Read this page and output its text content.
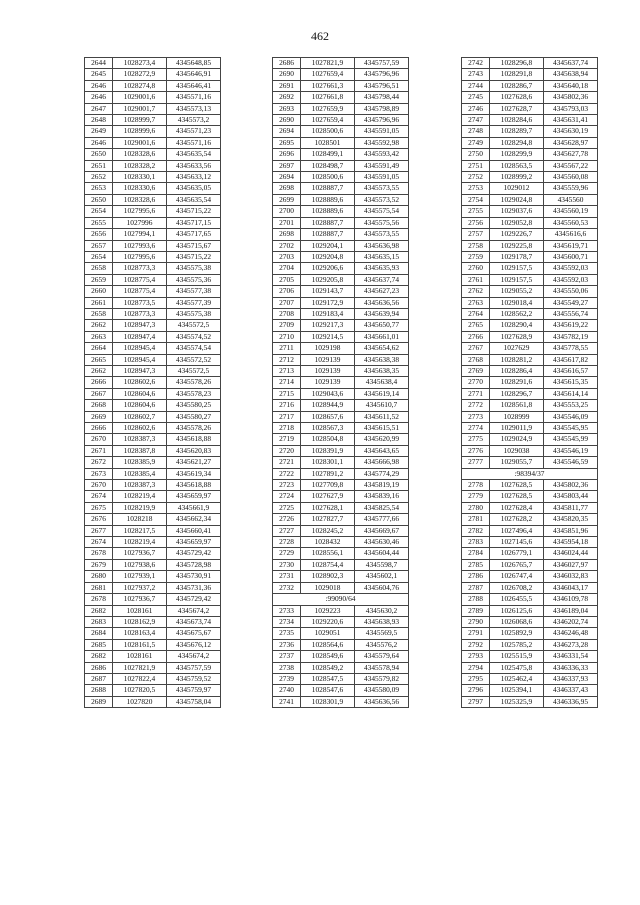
462
2644	1028273,4	4345648,85
2645	1028272,9	4345646,91
2646	1028274,8	4345646,41
2646	1029001,6	4345571,16
2647	1029001,7	4345573,13
2648	1028999,7	4345573,2
2649	1028999,6	4345571,23
2646	1029001,6	4345571,16
2650	1028328,6	4345635,54
2651	1028328,2	4345633,56
2652	1028330,1	4345633,12
2653	1028330,6	4345635,05
2650	1028328,6	4345635,54
2654	1027995,6	4345715,22
2655	1027996	4345717,15
2656	1027994,1	4345717,65
2657	1027993,6	4345715,67
2654	1027995,6	4345715,22
2658	1028773,3	4345575,38
2659	1028775,4	4345575,36
2660	1028775,4	4345577,38
2661	1028773,5	4345577,39
2658	1028773,3	4345575,38
2662	1028947,3	4345572,5
2663	1028947,4	4345574,52
2664	1028945,4	4345574,54
2665	1028945,4	4345572,52
2662	1028947,3	4345572,5
2666	1028602,6	4345578,26
2667	1028604,6	4345578,23
2668	1028604,6	4345580,25
2669	1028602,7	4345580,27
2666	1028602,6	4345578,26
2670	1028387,3	4345618,88
2671	1028387,8	4345620,83
2672	1028385,9	4345621,27
2673	1028385,4	4345619,34
2670	1028387,3	4345618,88
2674	1028219,4	4345659,97
2675	1028219,9	4345661,9
2676	1028218	4345662,34
2677	1028217,5	4345660,41
2674	1028219,4	4345659,97
2678	1027936,7	4345729,42
2679	1027938,6	4345728,98
2680	1027939,1	4345730,91
2681	1027937,2	4345731,36
2678	1027936,7	4345729,42
2682	1028161	4345674,2
2683	1028162,9	4345673,74
2684	1028163,4	4345675,67
2685	1028161,5	4345676,12
2682	1028161	4345674,2
2686	1027821,9	4345757,59
2687	1027822,4	4345759,52
2688	1027820,5	4345759,97
2689	1027820	4345758,04
2686	1027821,9	4345757,59
2690	1027659,4	4345796,96
2691	1027661,3	4345796,51
2692	1027661,8	4345798,44
2693	1027659,9	4345798,89
2690	1027659,4	4345796,96
2694	1028500,6	4345591,05
2695	1028501	4345592,98
2696	1028499,1	4345593,42
2697	1028498,7	4345591,49
2694	1028500,6	4345591,05
2698	1028887,7	4345573,55
2699	1028889,6	4345573,52
2700	1028889,6	4345575,54
2701	1028887,7	4345575,56
2698	1028887,7	4345573,55
2702	1029204,1	4345636,98
2703	1029204,8	4345635,15
2704	1029206,6	4345635,93
2705	1029205,8	4345637,74
2706	1029143,7	4345627,23
2707	1029172,9	4345636,56
2708	1029183,4	4345639,94
2709	1029217,3	4345650,77
2710	1029214,5	4345661,01
2711	1029198	4345654,62
2712	1029139	4345638,38
2713	1029139	4345638,35
2714	1029139	4345638,4
2715	1029043,6	4345619,14
2716	1028944,9	4345610,7
2717	1028657,6	4345611,52
2718	1028567,3	4345615,51
2719	1028504,8	4345620,99
2720	1028391,9	4345643,65
2721	1028301,1	4345666,98
2722	1027891,2	4345774,29
2723	1027709,8	4345819,19
2724	1027627,9	4345839,16
2725	1027628,1	4345825,54
2726	1027827,7	4345777,66
2727	1028245,2	4345669,67
2728	1028432	4345630,46
2729	1028556,1	4345604,44
2730	1028754,4	4345598,7
2731	1028902,3	4345602,1
2732	1029018	4345604,76
:99090/64		
2733	1029223	4345630,2
2734	1029220,6	4345638,93
2735	1029051	4345569,5
2736	1028564,6	4345576,2
2737	1028549,6	4345579,64
2738	1028549,2	4345578,94
2739	1028547,5	4345579,82
2740	1028547,6	4345580,09
2741	1028301,9	4345636,56
2742	1028296,8	4345637,74
2743	1028291,8	4345638,94
2744	1028286,7	4345640,18
2745	1027628,6	4345802,36
2746	1027628,7	4345793,03
2747	1028284,6	4345631,41
2748	1028289,7	4345630,19
2749	1028294,8	4345628,97
2750	1028299,9	4345627,78
2751	1028563,5	4345567,22
2752	1028999,2	4345560,08
2753	1029012	4345559,96
2754	1029024,8	4345560
2755	1029037,6	4345560,19
2756	1029052,8	4345560,53
2757	1029226,7	4345616,6
2758	1029225,8	4345619,71
2759	1029178,7	4345600,71
2760	1029157,5	4345592,03
2761	1029157,5	4345592,03
2762	1029055,2	4345550,06
2763	1029018,4	4345549,27
2764	1028562,2	4345556,74
2765	1028290,4	4345619,22
2766	1027628,9	4345782,19
2767	1027629	4345778,55
2768	1028281,2	4345617,82
2769	1028286,4	4345616,57
2770	1028291,6	4345615,35
2771	1028296,7	4345614,14
2772	1028561,8	4345553,25
2773	1028999	4345546,09
2774	1029011,9	4345545,95
2775	1029024,9	4345545,99
2776	1029038	4345546,19
2777	1029055,7	4345546,59
:98394/37		
2778	1027628,5	4345802,36
2779	1027628,5	4345803,44
2780	1027628,4	4345811,77
2781	1027628,2	4345820,35
2782	1027496,4	4345851,96
2783	1027145,6	4345954,18
2784	1026779,1	4346024,44
2785	1026765,7	4346027,97
2786	1026747,4	4346032,83
2787	1026708,2	4346043,17
2788	1026455,5	4346109,78
2789	1026125,6	4346189,04
2790	1026068,6	4346202,74
2791	1025892,9	4346246,48
2792	1025785,2	4346273,28
2793	1025515,9	4346331,54
2794	1025475,8	4346336,33
2795	1025462,4	4346337,93
2796	1025394,1	4346337,43
2797	1025325,9	4346336,95
